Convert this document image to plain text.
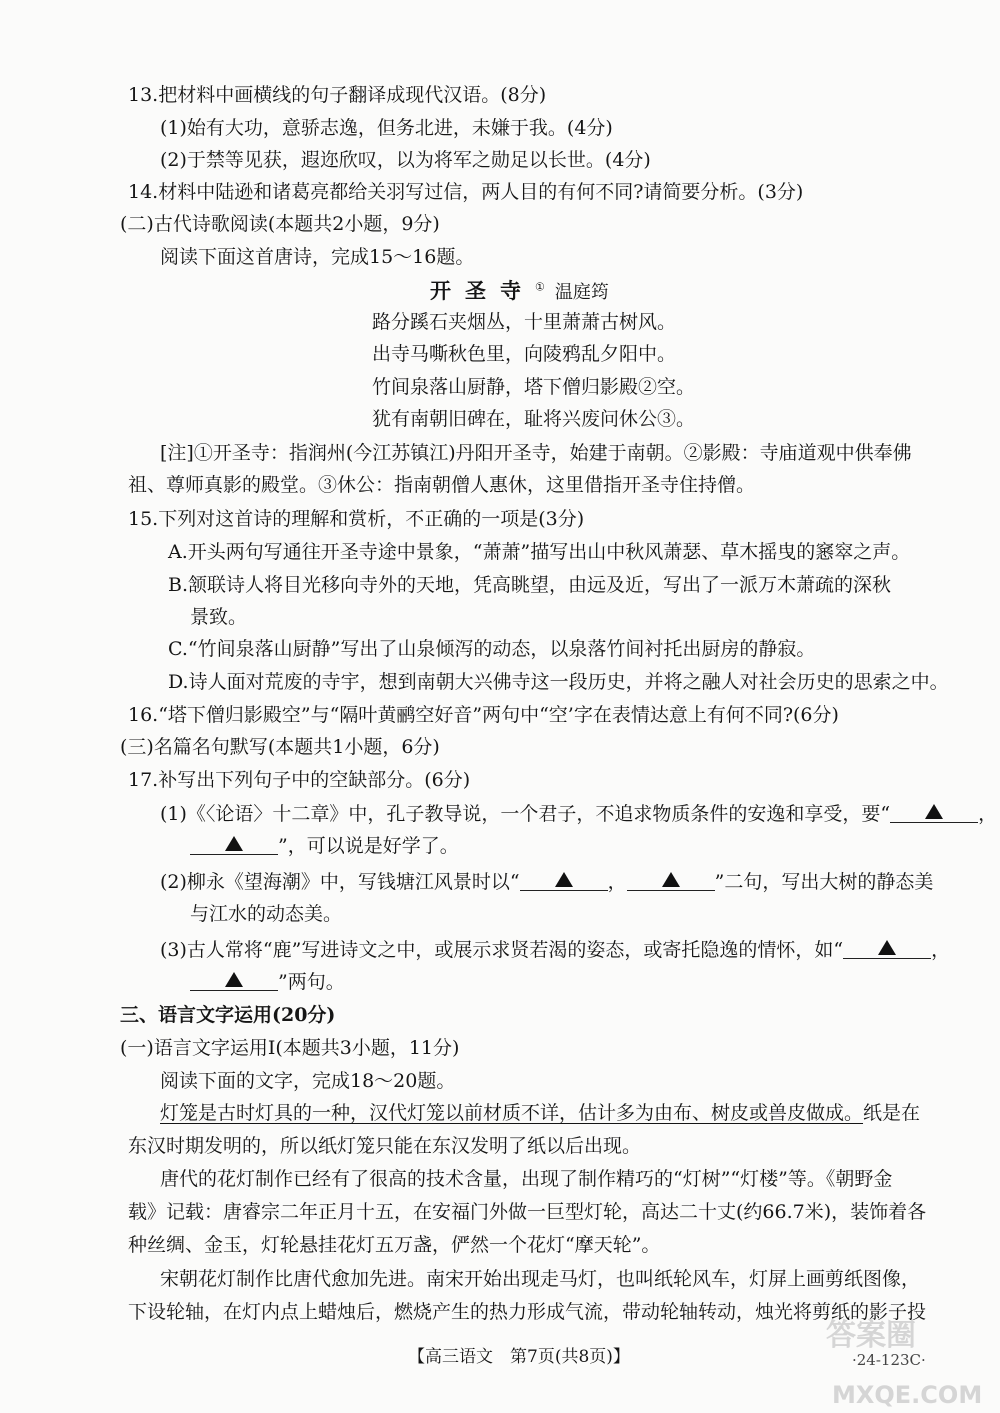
13.把材料中画横线的句子翻译成现代汉语。(8分)
(1)始有大功，意骄志逸，但务北进，未嫌于我。(4分)
(2)于禁等见获，遐迩欣叹，以为将军之勋足以长世。(4分)
14.材料中陆逊和诸葛亮都给关羽写过信，两人目的有何不同?请简要分析。(3分)
(二)古代诗歌阅读(本题共2小题，9分)
阅读下面这首唐诗，完成15～16题。
开圣寺① 温庭筠
路分蹊石夹烟丛，十里萧萧古树风。
出寺马嘶秋色里，向陵鸦乱夕阳中。
竹间泉落山厨静，塔下僧归影殿②空。
犹有南朝旧碑在，耻将兴废问休公③。
[注]①开圣寺：指润州(今江苏镇江)丹阳开圣寺，始建于南朝。②影殿：寺庙道观中供奉佛
祖、尊师真影的殿堂。③休公：指南朝僧人惠休，这里借指开圣寺住持僧。
15.下列对这首诗的理解和赏析，不正确的一项是(3分)
A.开头两句写通往开圣寺途中景象，“萧萧”描写出山中秋风萧瑟、草木摇曳的窸窣之声。
B.颔联诗人将目光移向寺外的天地，凭高眺望，由远及近，写出了一派万木萧疏的深秋
景致。
C.“竹间泉落山厨静”写出了山泉倾泻的动态，以泉落竹间衬托出厨房的静寂。
D.诗人面对荒废的寺宇，想到南朝大兴佛寺这一段历史，并将之融人对社会历史的思索之中。
16.“塔下僧归影殿空”与“隔叶黄鹂空好音”两句中“空’字在表情达意上有何不同?(6分)
(三)名篇名句默写(本题共1小题，6分)
17.补写出下列句子中的空缺部分。(6分)
(1)《〈论语〉十二章》中，孔子教导说，一个君子，不追求物质条件的安逸和享受，要“	，
”，可以说是好学了。
(2)柳永《望海潮》中，写钱塘江风景时以“	，	”二句，写出大树的静态美
与江水的动态美。
(3)古人常将“鹿”写进诗文之中，或展示求贤若渴的姿态，或寄托隐逸的情怀，如“	，
”两句。
三、语言文字运用(20分)
(一)语言文字运用Ⅰ(本题共3小题，11分)
阅读下面的文字，完成18～20题。
灯笼是古时灯具的一种，汉代灯笼以前材质不详，估计多为由布、树皮或兽皮做成。纸是在
东汉时期发明的，所以纸灯笼只能在东汉发明了纸以后出现。
唐代的花灯制作已经有了很高的技术含量，出现了制作精巧的“灯树”“灯楼”等。《朝野金
载》记载：唐睿宗二年正月十五，在安福门外做一巨型灯轮，高达二十丈(约66.7米)，装饰着各
种丝绸、金玉，灯轮悬挂花灯五万盏，俨然一个花灯“摩天轮”。
宋朝花灯制作比唐代愈加先进。南宋开始出现走马灯，也叫纸轮风车，灯屏上画剪纸图像，
下设轮轴，在灯内点上蜡烛后，燃烧产生的热力形成气流，带动轮轴转动，烛光将剪纸的影子投
【高三语文　第7页(共8页)】	·24-123C·
答案圈
MXQE.COM
